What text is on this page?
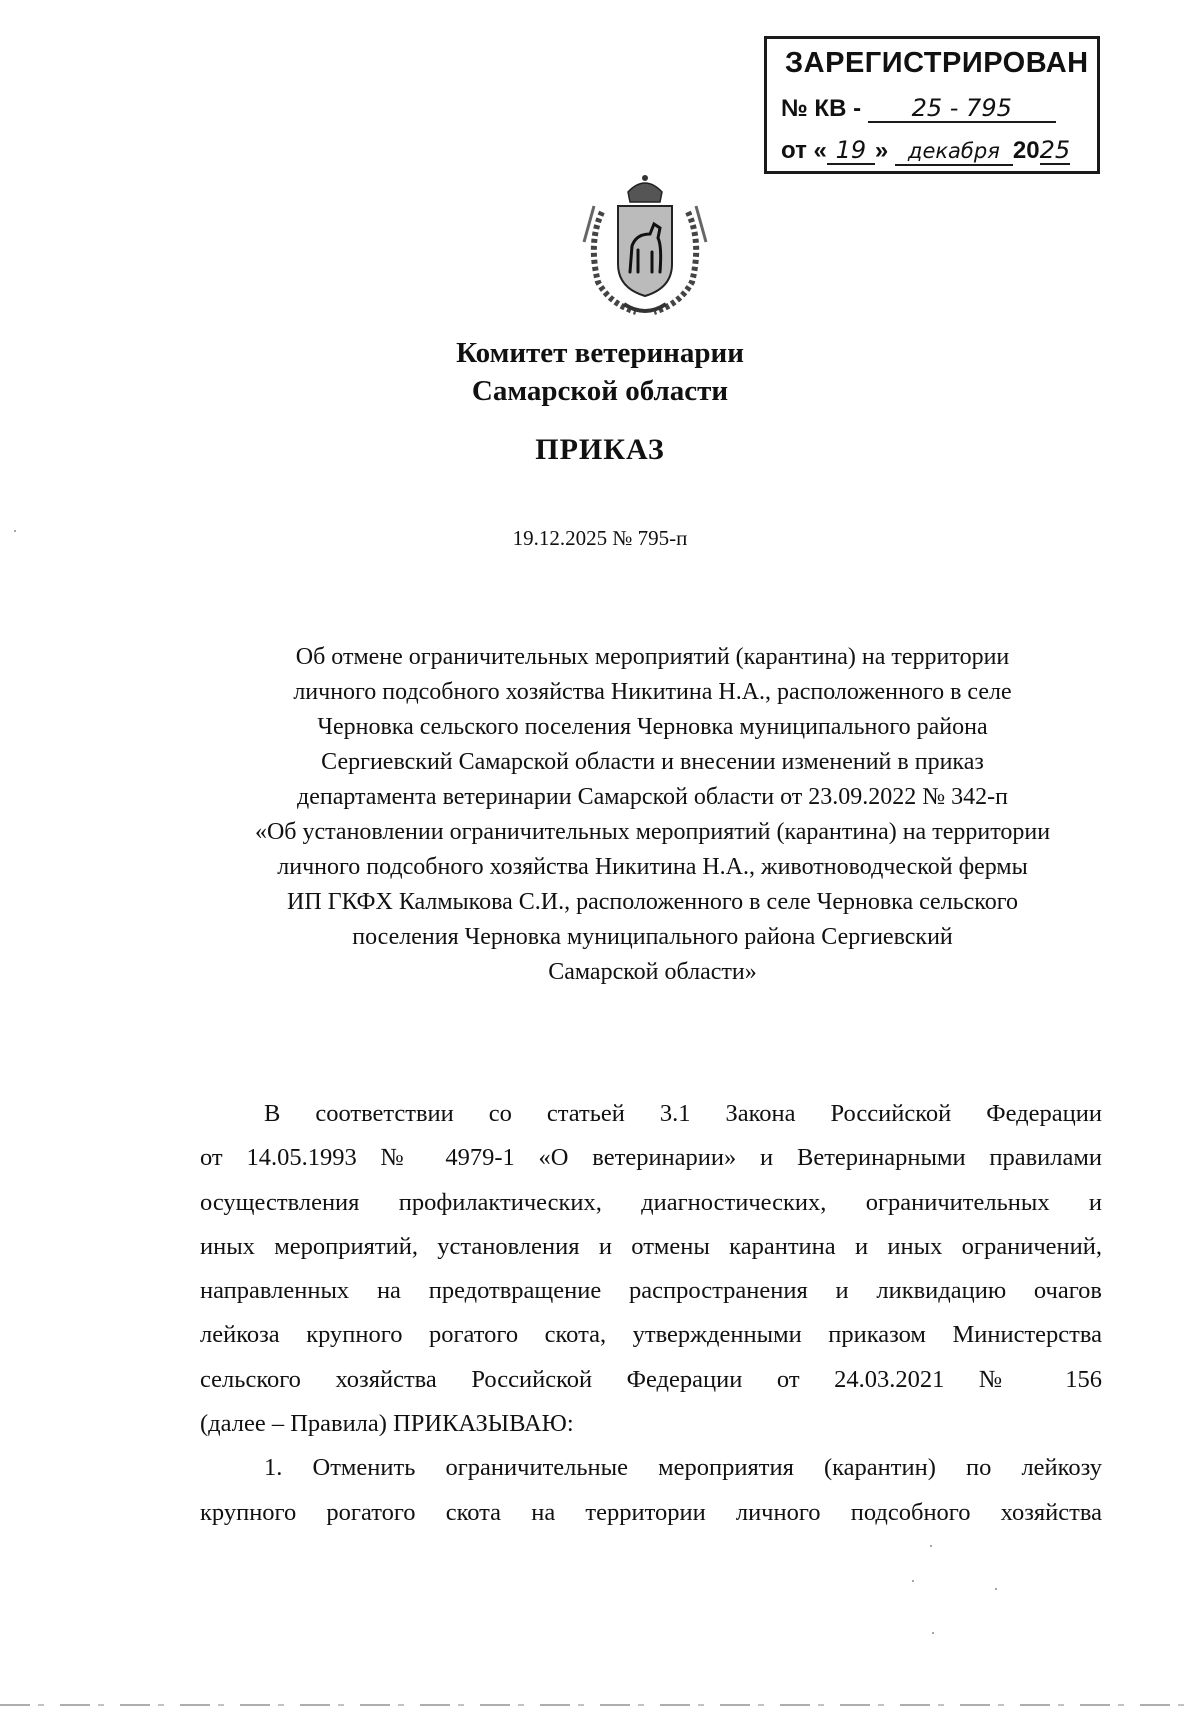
ЗАРЕГИСТРИРОВАН
№ КВ - 25 - 795
от « 19 » декабря 2025
Комитет ветеринарии
Самарской области
ПРИКАЗ
19.12.2025 № 795-п
Об отмене ограничительных мероприятий (карантина) на территории
личного подсобного хозяйства Никитина Н.А., расположенного в селе
Черновка сельского поселения Черновка муниципального района
Сергиевский Самарской области и внесении изменений в приказ
департамента ветеринарии Самарской области от 23.09.2022 № 342-п
«Об установлении ограничительных мероприятий (карантина) на территории
личного подсобного хозяйства Никитина Н.А., животноводческой фермы
ИП ГКФХ Калмыкова С.И., расположенного в селе Черновка сельского
поселения Черновка муниципального района Сергиевский
Самарской области»
В соответствии со статьей 3.1 Закона Российской Федерации
от 14.05.1993 № 4979-1 «О ветеринарии» и Ветеринарными правилами
осуществления профилактических, диагностических, ограничительных и
иных мероприятий, установления и отмены карантина и иных ограничений,
направленных на предотвращение распространения и ликвидацию очагов
лейкоза крупного рогатого скота, утвержденными приказом Министерства
сельского хозяйства Российской Федерации от 24.03.2021 № 156
(далее – Правила) ПРИКАЗЫВАЮ:
1. Отменить ограничительные мероприятия (карантин) по лейкозу
крупного рогатого скота на территории личного подсобного хозяйства
